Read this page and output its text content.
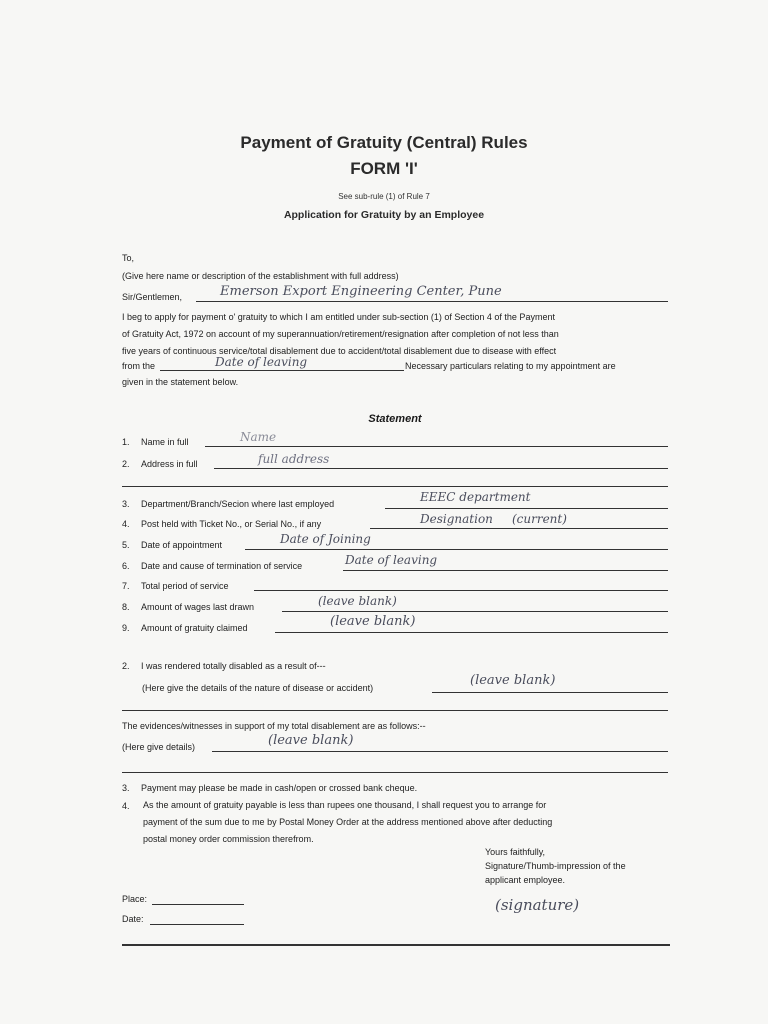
Payment of Gratuity (Central) Rules
FORM 'I'
See sub-rule (1) of Rule 7
Application for Gratuity by an Employee
To,
(Give here name or description of the establishment with full address)
Sir/Gentlemen,	Emerson Export Engineering Center, Pune
I beg to apply for payment o' gratuity to which I am entitled under sub-section (1) of Section 4 of the Payment
of Gratuity Act, 1972 on account of my superannuation/retirement/resignation after completion of not less than
five years of continuous service/total disablement due to accident/total disablement due to disease with effect
from the	Date of leaving	Necessary particulars relating to my appointment are
given in the statement below.
Statement
1. Name in full	Name
2. Address in full	full address
3. Department/Branch/Secion where last employed	EEEC department
4. Post held with Ticket No., or Serial No., if any	Designation     (current)
5. Date of appointment	Date of Joining
6. Date and cause of termination of service	Date of leaving
7. Total period of service
8. Amount of wages last drawn	(leave blank)
9. Amount of gratuity claimed	(leave blank)
2. I was rendered totally disabled as a result of---
(Here give the details of the nature of disease or accident)	(leave blank)
The evidences/witnesses in support of my total disablement are as follows:--
(Here give details)	(leave blank)
3. Payment may please be made in cash/open or crossed bank cheque.
4. As the amount of gratuity payable is less than rupees one thousand, I shall request you to arrange for
payment of the sum due to me by Postal Money Order at the address mentioned above after deducting
postal money order commission therefrom.
Yours faithfully,
Signature/Thumb-impression of the
applicant employee.
(signature)
Place:
Date:
